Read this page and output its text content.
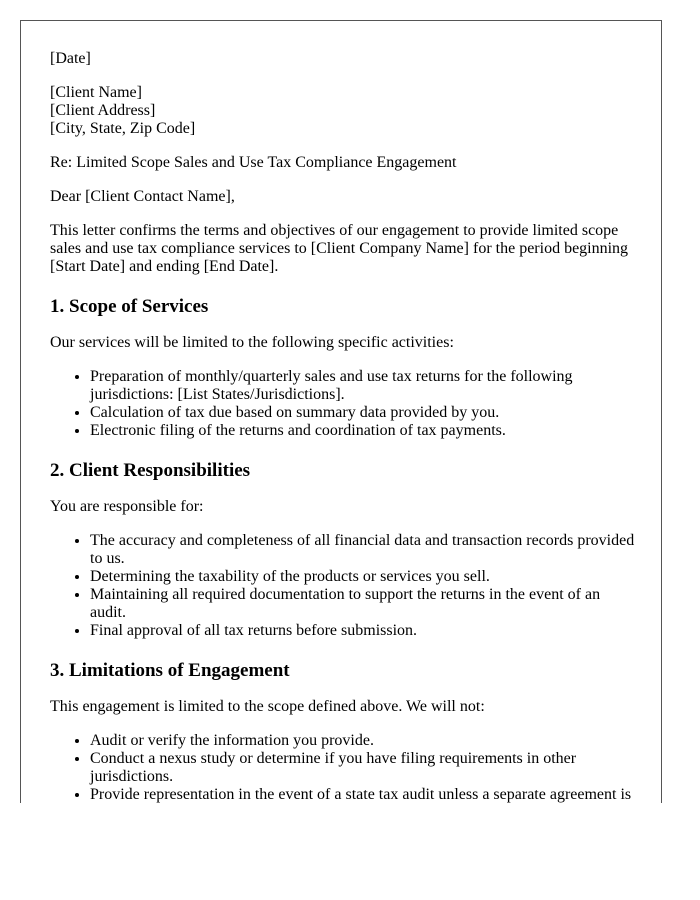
[Date]

[Client Name]
[Client Address]
[City, State, Zip Code]

Re: Limited Scope Sales and Use Tax Compliance Engagement

Dear [Client Contact Name],

This letter confirms the terms and objectives of our engagement to provide limited scope sales and use tax compliance services to [Client Company Name] for the period beginning [Start Date] and ending [End Date].

1. Scope of Services

Our services will be limited to the following specific activities:

• Preparation of monthly/quarterly sales and use tax returns for the following jurisdictions: [List States/Jurisdictions].
• Calculation of tax due based on summary data provided by you.
• Electronic filing of the returns and coordination of tax payments.
2. Client Responsibilities

You are responsible for:

• The accuracy and completeness of all financial data and transaction records provided to us.
• Determining the taxability of the products or services you sell.
• Maintaining all required documentation to support the returns in the event of an audit.
• Final approval of all tax returns before submission.
3. Limitations of Engagement

This engagement is limited to the scope defined above. We will not:

• Audit or verify the information you provide.
• Conduct a nexus study or determine if you have filing requirements in other jurisdictions.
• Provide representation in the event of a state tax audit unless a separate agreement is
